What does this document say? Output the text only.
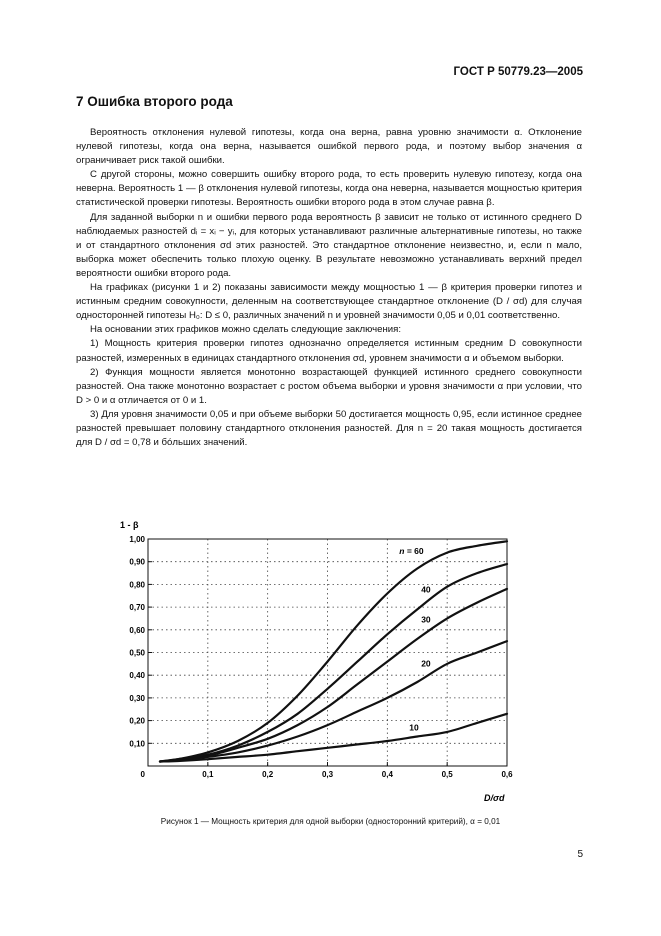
ГОСТ Р 50779.23—2005
7 Ошибка второго рода

Вероятность отклонения нулевой гипотезы, когда она верна, равна уровню значимости α. Отклонение нулевой гипотезы, когда она верна, называется ошибкой первого рода, и поэтому выбор значения α ограничивает риск такой ошибки.

С другой стороны, можно совершить ошибку второго рода, то есть проверить нулевую гипотезу, когда она неверна. Вероятность 1 — β отклонения нулевой гипотезы, когда она неверна, называется мощностью критерия статистической проверки гипотезы. Вероятность ошибки второго рода в этом случае равна β.

Для заданной выборки n и ошибки первого рода вероятность β зависит не только от истинного среднего D наблюдаемых разностей dᵢ = xᵢ − yᵢ, для которых устанавливают различные альтернативные гипотезы, но также и от стандартного отклонения σd этих разностей. Это стандартное отклонение неизвестно, и, если n мало, выборка может обеспечить только плохую оценку. В результате невозможно устанавливать верхний предел вероятности ошибки второго рода.

На графиках (рисунки 1 и 2) показаны зависимости между мощностью 1 — β критерия проверки гипотез и истинным средним совокупности, деленным на соответствующее стандартное отклонение (D / σd) для случая односторонней гипотезы H₀: D ≤ 0, различных значений n и уровней значимости 0,05 и 0,01 соответственно.

На основании этих графиков можно сделать следующие заключения:

1) Мощность критерия проверки гипотез однозначно определяется истинным средним D совокупности разностей, измеренных в единицах стандартного отклонения σd, уровнем значимости α и объемом выборки.

2) Функция мощности является монотонно возрастающей функцией истинного среднего совокупности разностей. Она также монотонно возрастает с ростом объема выборки и уровня значимости α при условии, что D > 0 и α отличается от 0 и 1.

3) Для уровня значимости 0,05 и при объеме выборки 50 достигается мощность 0,95, если истинное среднее разностей превышает половину стандартного отклонения разностей. Для n = 20 такая мощность достигается для D / σd = 0,78 и бо́льших значений.

1 - β
D/σd
0,10
0,20
0,30
0,40
0,50
0,60
0,70
0,80
0,90
1,00
0	0,1	0,2	0,3	0,4	0,5	0,6
n = 60
40
30
20
10
Рисунок 1 — Мощность критерия для одной выборки (односторонний критерий), α = 0,01
5
